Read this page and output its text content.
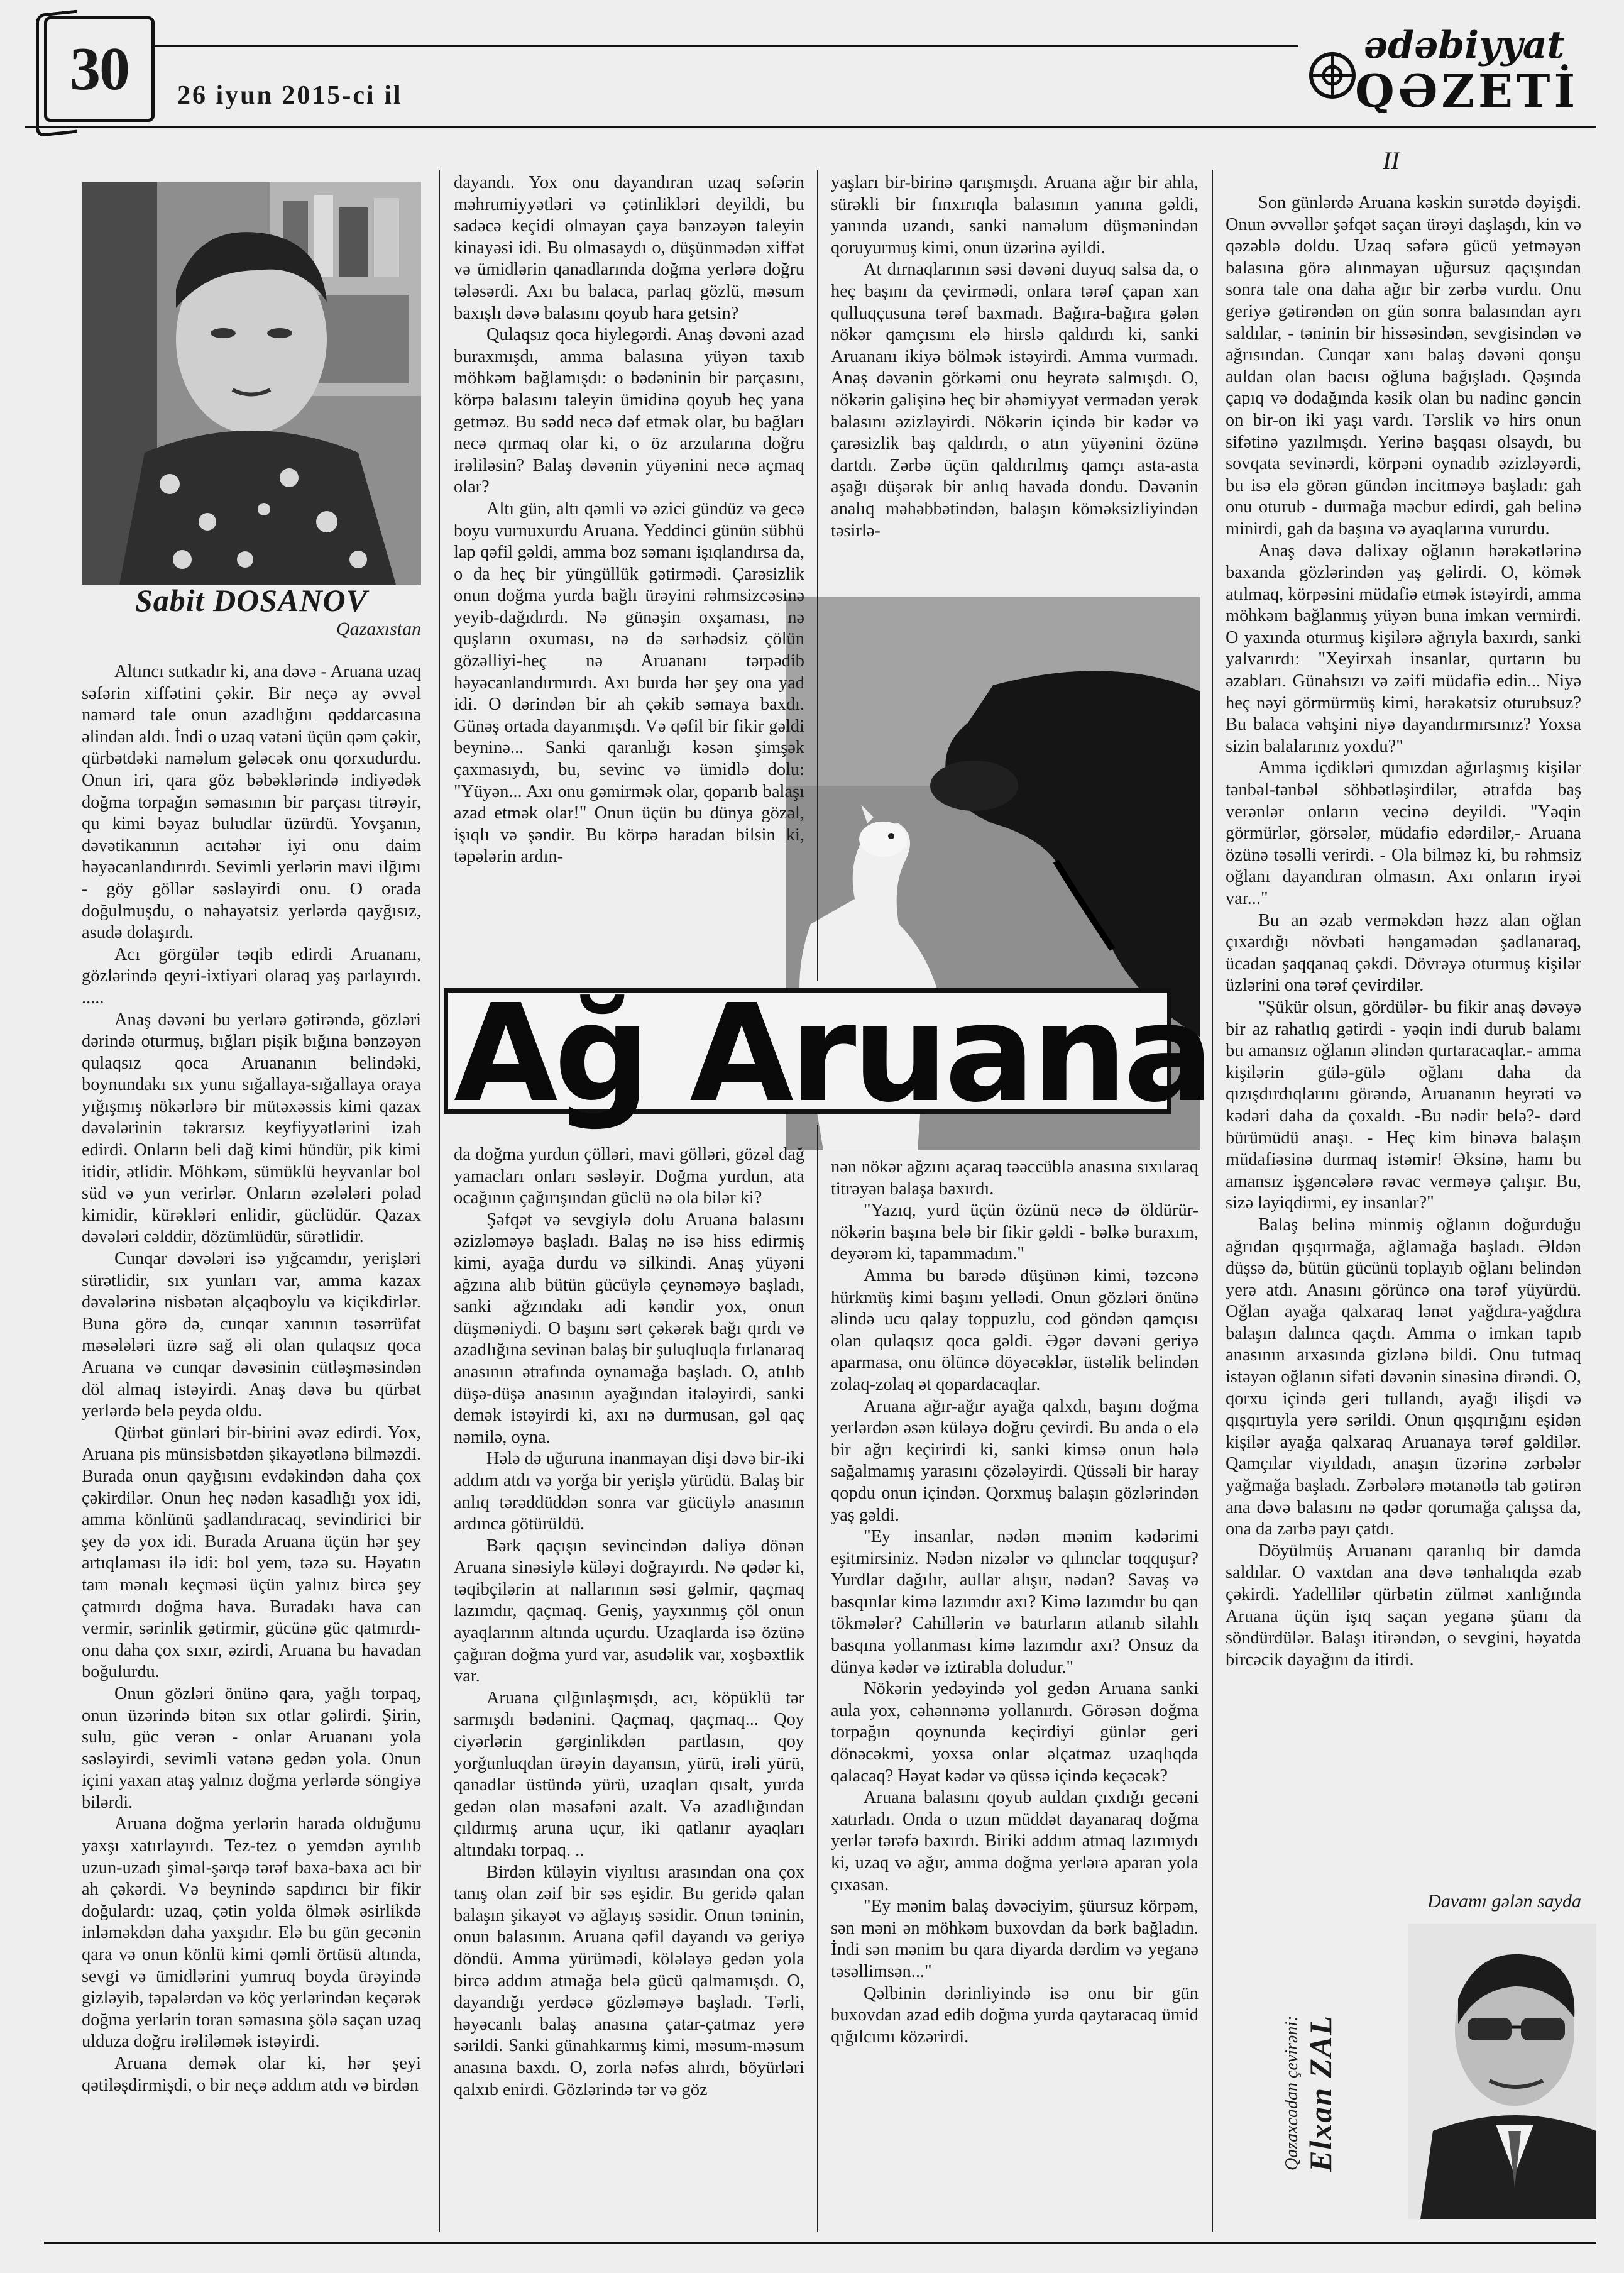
30 26 iyun 2015-ci il
ədəbiyyat
QƏZETİ
II
Sabit DOSANOV
Qazaxıstan
Ağ Aruana

Altıncı sutkadır ki, ana dəvə - Aruana uzaq səfərin xiffətini çəkir. Bir neçə ay əvvəl namərd tale onun azadlığını qəddarcasına əlindən aldı. İndi o uzaq vətəni üçün qəm çəkir, qürbətdəki naməlum gələcək onu qorxudurdu. Onun iri, qara göz bəbəklərində indiyədək doğma torpağın səmasının bir parçası titrəyir, qu kimi bəyaz buludlar üzürdü. Yovşanın, dəvətikanının acıtəhər iyi onu daim həyəcanlandırırdı. Sevimli yerlərin mavi ilğımı - göy göllər səsləyirdi onu. O orada doğulmuşdu, o nəhayətsiz yerlərdə qayğısız, asudə dolaşırdı.

Acı görgülər təqib edirdi Aruananı, gözlərində qeyri-ixtiyari olaraq yaş parlayırdı. .....

Anaş dəvəni bu yerlərə gətirəndə, gözləri dərində oturmuş, bığları pişik bığına bənzəyən qulaqsız qoca Aruananın belindəki, boynundakı sıx yunu sığallaya-sığallaya oraya yığışmış nökərlərə bir mütəxəssis kimi qazax dəvələrinin təkrarsız keyfiyyətlərini izah edirdi. Onların beli dağ kimi hündür, pik kimi itidir, ətlidir. Möhkəm, sümüklü heyvanlar bol süd və yun verirlər. Onların əzələləri polad kimidir, kürəkləri enlidir, güclüdür. Qazax dəvələri cəlddir, dözümlüdür, sürətlidir.

Cunqar dəvələri isə yığcamdır, yerişləri sürətlidir, sıx yunları var, amma kazax dəvələrinə nisbətən alçaqboylu və kiçikdirlər. Buna görə də, cunqar xanının təsərrüfat məsələləri üzrə sağ əli olan qulaqsız qoca Aruana və cunqar dəvəsinin cütləşməsindən döl almaq istəyirdi. Anaş dəvə bu qürbət yerlərdə belə peyda oldu.

Qürbət günləri bir-birini əvəz edirdi. Yox, Aruana pis münsisbətdən şikayətlənə bilməzdi. Burada onun qayğısını evdəkindən daha çox çəkirdilər. Onun heç nədən kasadlığı yox idi, amma könlünü şadlandıracaq, sevindirici bir şey də yox idi. Burada Aruana üçün hər şey artıqlaması ilə idi: bol yem, təzə su. Həyatın tam mənalı keçməsi üçün yalnız bircə şey çatmırdı doğma hava. Buradakı hava can vermir, sərinlik gətirmir, gücünə güc qatmırdı- onu daha çox sıxır, əzirdi, Aruana bu havadan boğulurdu.

Onun gözləri önünə qara, yağlı torpaq, onun üzərində bitən sıx otlar gəlirdi. Şirin, sulu, güc verən - onlar Aruananı yola səsləyirdi, sevimli vətənə gedən yola. Onun içini yaxan ataş yalnız doğma yerlərdə söngiyə bilərdi.

Aruana doğma yerlərin harada olduğunu yaxşı xatırlayırdı. Tez-tez o yemdən ayrılıb uzun-uzadı şimal-şərqə tərəf baxa-baxa acı bir ah çəkərdi. Və beynində sapdırıcı bir fikir doğulardı: uzaq, çətin yolda ölmək əsirlikdə inləməkdən daha yaxşıdır. Elə bu gün gecənin qara və onun könlü kimi qəmli örtüsü altında, sevgi və ümidlərini yumruq boyda ürəyində gizləyib, təpələrdən və köç yerlərindən keçərək doğma yerlərin toran səmasına şölə saçan uzaq ulduza doğru irəliləmək istəyirdi.

Aruana demək olar ki, hər şeyi qətiləşdirmişdi, o bir neçə addım atdı və birdən

dayandı. Yox onu dayandıran uzaq səfərin məhrumiyyətləri və çətinlikləri deyildi, bu sadəcə keçidi olmayan çaya bənzəyən taleyin kinayəsi idi. Bu olmasaydı o, düşünmədən xiffət və ümidlərin qanadlarında doğma yerlərə doğru tələsərdi. Axı bu balaca, parlaq gözlü, məsum baxışlı dəvə balasını qoyub hara getsin?

Qulaqsız qoca hiylegərdi. Anaş dəvəni azad buraxmışdı, amma balasına yüyən taxıb möhkəm bağlamışdı: o bədəninin bir parçasını, körpə balasını taleyin ümidinə qoyub heç yana getməz. Bu sədd necə dəf etmək olar, bu bağları necə qırmaq olar ki, o öz arzularına doğru irəliləsin? Balaş dəvənin yüyənini necə açmaq olar?

Altı gün, altı qəmli və əzici gündüz və gecə boyu vurnuxurdu Aruana. Yeddinci günün sübhü lap qəfil gəldi, amma boz səmanı işıqlandırsa da, o da heç bir yüngüllük gətirmədi. Çarəsizlik onun doğma yurda bağlı ürəyini rəhmsizcəsinə yeyib-dağıdırdı. Nə günəşin oxşaması, nə quşların oxuması, nə də sərhədsiz çölün gözəlliyi-heç nə Aruananı tərpədib həyəcanlandırmırdı. Axı burda hər şey ona yad idi. O dərindən bir ah çəkib səmaya baxdı. Günəş ortada dayanmışdı. Və qəfil bir fikir gəldi beyninə... Sanki qaranlığı kəsən şimşək çaxmasıydı, bu, sevinc və ümidlə dolu: "Yüyən... Axı onu gəmirmək olar, qoparıb balaşı azad etmək olar!" Onun üçün bu dünya gözəl, işıqlı və şəndir. Bu körpə haradan bilsin ki, təpələrin ardın-

da doğma yurdun çölləri, mavi gölləri, gözəl dağ yamacları onları səsləyir. Doğma yurdun, ata ocağının çağırışından güclü nə ola bilər ki?

Şəfqət və sevgiylə dolu Aruana balasını əzizləməyə başladı. Balaş nə isə hiss edirmiş kimi, ayağa durdu və silkindi. Anaş yüyəni ağzına alıb bütün gücüylə çeynəməyə başladı, sanki ağzındakı adi kəndir yox, onun düşməniydi. O başını sərt çəkərək bağı qırdı və azadlığına sevinən balaş bir şuluqluqla fırlanaraq anasının ətrafında oynamağa başladı. O, atılıb düşə-düşə anasının ayağından itələyirdi, sanki demək istəyirdi ki, axı nə durmusan, gəl qaç nəmilə, oyna.

Hələ də uğuruna inanmayan dişi dəvə bir-iki addım atdı və yorğa bir yerişlə yürüdü. Balaş bir anlıq tərəddüddən sonra var gücüylə anasının ardınca götürüldü.

Bərk qaçışın sevincindən dəliyə dönən Aruana sinəsiylə küləyi doğrayırdı. Nə qədər ki, təqibçilərin at nallarının səsi gəlmir, qaçmaq lazımdır, qaçmaq. Geniş, yayxınmış çöl onun ayaqlarının altında uçurdu. Uzaqlarda isə özünə çağıran doğma yurd var, asudəlik var, xoşbəxtlik var.

Aruana çılğınlaşmışdı, acı, köpüklü tər sarmışdı bədənini. Qaçmaq, qaçmaq... Qoy ciyərlərin gərginlikdən partlasın, qoy yorğunluqdan ürəyin dayansın, yürü, irəli yürü, qanadlar üstündə yürü, uzaqları qısalt, yurda gedən olan məsafəni azalt. Və azadlığından çıldırmış aruna uçur, iki qatlanır ayaqları altındakı torpaq. ..

Birdən küləyin viyıltısı arasından ona çox tanış olan zəif bir səs eşidir. Bu geridə qalan balaşın şikayət və ağlayış səsidir. Onun təninin, onun balasının. Aruana qəfil dayandı və geriyə döndü. Amma yürümədi, kölələyə gedən yola bircə addım atmağa belə gücü qalmamışdı. O, dayandığı yerdəcə gözləməyə başladı. Tərli, həyəcanlı balaş anasına çatar-çatmaz yerə sərildi. Sanki günahkarmış kimi, məsum-məsum anasına baxdı. O, zorla nəfəs alırdı, böyürləri qalxıb enirdi. Gözlərində tər və göz

yaşları bir-birinə qarışmışdı. Aruana ağır bir ahla, sürəkli bir fınxırıqla balasının yanına gəldi, yanında uzandı, sanki naməlum düşmənindən qoruyurmuş kimi, onun üzərinə əyildi.

At dırnaqlarının səsi dəvəni duyuq salsa da, o heç başını da çevirmədi, onlara tərəf çapan xan qulluqçusuna tərəf baxmadı. Bağıra-bağıra gələn nökər qamçısını elə hirslə qaldırdı ki, sanki Aruananı ikiyə bölmək istəyirdi. Amma vurmadı. Anaş dəvənin görkəmi onu heyrətə salmışdı. O, nökərin gəlişinə heç bir əhəmiyyət vermədən yerək balasını əzizləyirdi. Nökərin içində bir kədər və çarəsizlik baş qaldırdı, o atın yüyənini özünə dartdı. Zərbə üçün qaldırılmış qamçı asta-asta aşağı düşərək bir anlıq havada dondu. Dəvənin analıq məhəbbətindən, balaşın köməksizliyindən təsirlə-

nən nökər ağzını açaraq təəccüblə anasına sıxılaraq titrəyən balaşa baxırdı.

"Yazıq, yurd üçün özünü necə də öldürür- nökərin başına belə bir fikir gəldi - bəlkə buraxım, deyərəm ki, tapammadım."

Amma bu barədə düşünən kimi, təzcənə hürkmüş kimi başını yellədi. Onun gözləri önünə əlində ucu qalay toppuzlu, cod göndən qamçısı olan qulaqsız qoca gəldi. Əgər dəvəni geriyə aparmasa, onu ölüncə döyəcəklər, üstəlik belindən zolaq-zolaq ət qopardacaqlar.

Aruana ağır-ağır ayağa qalxdı, başını doğma yerlərdən əsən küləyə doğru çevirdi. Bu anda o elə bir ağrı keçirirdi ki, sanki kimsə onun hələ sağalmamış yarasını çözələyirdi. Qüssəli bir haray qopdu onun içindən. Qorxmuş balaşın gözlərindən yaş gəldi.

"Ey insanlar, nədən mənim kədərimi eşitmirsiniz. Nədən nizələr və qılınclar toqquşur? Yurdlar dağılır, aullar alışır, nədən? Savaş və basqınlar kimə lazımdır axı? Kimə lazımdır bu qan tökmələr? Cahillərin və batırların atlanıb silahlı basqına yollanması kimə lazımdır axı? Onsuz da dünya kədər və iztirabla doludur."

Nökərin yedəyində yol gedən Aruana sanki aula yox, cəhənnəmə yollanırdı. Görəsən doğma torpağın qoynunda keçirdiyi günlər geri dönəcəkmi, yoxsa onlar əlçatmaz uzaqlıqda qalacaq? Həyat kədər və qüssə içində keçəcək?

Aruana balasını qoyub auldan çıxdığı gecəni xatırladı. Onda o uzun müddət dayanaraq doğma yerlər tərəfə baxırdı. Biriki addım atmaq lazımıydı ki, uzaq və ağır, amma doğma yerlərə aparan yola çıxasan.

"Ey mənim balaş dəvəciyim, şüursuz körpəm, sən məni ən möhkəm buxovdan da bərk bağladın. İndi sən mənim bu qara diyarda dərdim və yeganə təsəllimsən..."

Qəlbinin dərinliyində isə onu bir gün buxovdan azad edib doğma yurda qaytaracaq ümid qığılcımı közərirdi.

Son günlərdə Aruana kəskin surətdə dəyişdi. Onun əvvəllər şəfqət saçan ürəyi daşlaşdı, kin və qəzəblə doldu. Uzaq səfərə gücü yetməyən balasına görə alınmayan uğursuz qaçışından sonra tale ona daha ağır bir zərbə vurdu. Onu geriyə gətirəndən on gün sonra balasından ayrı saldılar, - təninin bir hissəsindən, sevgisindən və ağrısından. Cunqar xanı balaş dəvəni qonşu auldan olan bacısı oğluna bağışladı. Qəşında çapıq və dodağında kəsik olan bu nadinc gəncin on bir-on iki yaşı vardı. Tərslik və hirs onun sifətinə yazılmışdı. Yerinə başqası olsaydı, bu sovqata sevinərdi, körpəni oynadıb əzizləyərdi, bu isə elə görən gündən incitməyə başladı: gah onu oturub - durmağa məcbur edirdi, gah belinə minirdi, gah da başına və ayaqlarına vururdu.

Anaş dəvə dəlixay oğlanın hərəkətlərinə baxanda gözlərindən yaş gəlirdi. O, kömək atılmaq, körpəsini müdafiə etmək istəyirdi, amma möhkəm bağlanmış yüyən buna imkan vermirdi. O yaxında oturmuş kişilərə ağrıyla baxırdı, sanki yalvarırdı: "Xeyirxah insanlar, qurtarın bu əzabları. Günahsızı və zəifi müdafiə edin... Niyə heç nəyi görmürmüş kimi, hərəkətsiz oturubsuz? Bu balaca vəhşini niyə dayandırmırsınız? Yoxsa sizin balalarınız yoxdu?"

Amma içdikləri qımızdan ağırlaşmış kişilər tənbəl-tənbəl söhbətləşirdilər, ətrafda baş verənlər onların vecinə deyildi. "Yəqin görmürlər, görsələr, müdafiə edərdilər,- Aruana özünə təsəlli verirdi. - Ola bilməz ki, bu rəhmsiz oğlanı dayandıran olmasın. Axı onların iryəi var..."

Bu an əzab verməkdən həzz alan oğlan çıxardığı növbəti həngamədən şadlanaraq, ücadan şaqqanaq çəkdi. Dövrəyə oturmuş kişilər üzlərini ona tərəf çevirdilər.

"Şükür olsun, gördülər- bu fikir anaş dəvəyə bir az rahatlıq gətirdi - yəqin indi durub balamı bu amansız oğlanın əlindən qurtaracaqlar.- amma kişilərin gülə-gülə oğlanı daha da qızışdırdıqlarını görəndə, Aruananın heyrəti və kədəri daha da çoxaldı. -Bu nədir belə?- dərd bürümüdü anaşı. - Heç kim binəva balaşın müdafiəsinə durmaq istəmir! Əksinə, hamı bu amansız işgəncələrə rəvac verməyə çalışır. Bu, sizə layiqdirmi, ey insanlar?"

Balaş belinə minmiş oğlanın doğurduğu ağrıdan qışqırmağa, ağlamağa başladı. Əldən düşsə də, bütün gücünü toplayıb oğlanı belindən yerə atdı. Anasını görüncə ona tərəf yüyürdü. Oğlan ayağa qalxaraq lənət yağdıra-yağdıra balaşın dalınca qaçdı. Amma o imkan tapıb anasının arxasında gizlənə bildi. Onu tutmaq istəyən oğlanın sifəti dəvənin sinəsinə dirəndi. O, qorxu içində geri tullandı, ayağı ilişdi və qışqırtıyla yerə sərildi. Onun qışqırığını eşidən kişilər ayağa qalxaraq Aruanaya tərəf gəldilər. Qamçılar viyıldadı, anaşın üzərinə zərbələr yağmağa başladı. Zərbələrə mətanətlə tab gətirən ana dəvə balasını nə qədər qorumağa çalışsa da, ona da zərbə payı çatdı.

Döyülmüş Aruananı qaranlıq bir damda saldılar. O vaxtdan ana dəvə tənhalıqda əzab çəkirdi. Yadellilər qürbətin zülmət xanlığında Aruana üçün işıq saçan yeganə şüanı da söndürdülər. Balaşı itirəndən, o sevgini, həyatda bircəcik dayağını da itirdi.

Davamı gələn sayda
Qazaxcadan çevirəni: Elxan ZAL
